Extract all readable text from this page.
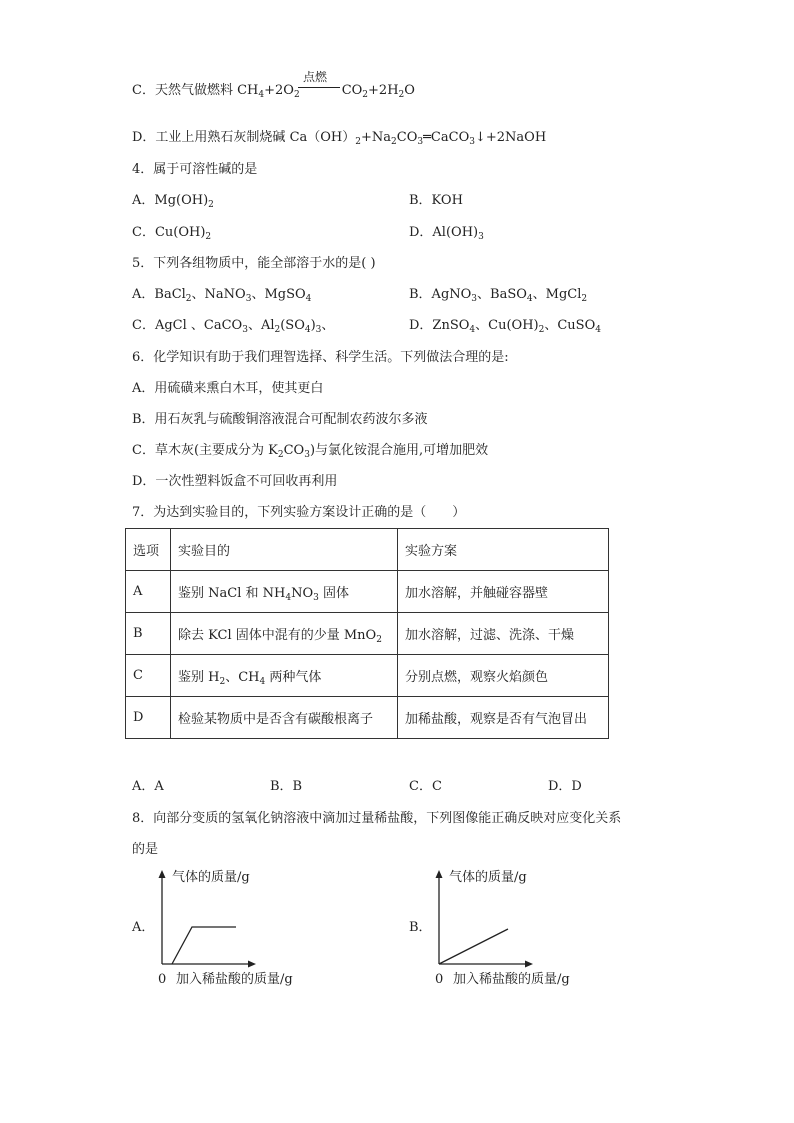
C．天然气做燃料 $CH_4+2O_2$	$CO_2+2H_2O$
点燃
D．工业上用熟石灰制烧碱 $Ca(OH)_2+Na_2CO_3═CaCO_3↓+2NaOH$
4．属于可溶性碱的是
A．$Mg(OH)_2$	B．KOH
C．$Cu(OH)_2$	D．$Al(OH)_3$
5．下列各组物质中，能全部溶于水的是( )
A．BaCl$_2$、NaNO$_3$、MgSO$_4$	B．AgNO$_3$、BaSO$_4$、MgCl$_2$
C．AgCl 、CaCO$_3$、$Al_2(SO_4)_3$、	D．ZnSO$_4$、$Cu(OH)_2$、CuSO$_4$
6．化学知识有助于我们理智选择、科学生活。下列做法合理的是:
A．用硫磺来熏白木耳，使其更白
B．用石灰乳与硫酸铜溶液混合可配制农药波尔多液
C．草木灰(主要成分为 $K_2CO_3$)与氯化铵混合施用,可增加肥效
D．一次性塑料饭盒不可回收再利用
7．为达到实验目的，下列实验方案设计正确的是（　　）
选项	实验目的	实验方案
A	鉴别 NaCl 和 $NH_4NO_3$ 固体	加水溶解，并触碰容器壁
B	除去 KCl 固体中混有的少量 MnO$_2$	加水溶解，过滤、洗涤、干燥
C	鉴别 $H_2$、$CH_4$ 两种气体	分别点燃，观察火焰颜色
D	检验某物质中是否含有碳酸根离子	加稀盐酸，观察是否有气泡冒出
A．A	B．B	C．C	D．D
8．向部分变质的氢氧化钠溶液中滴加过量稀盐酸，下列图像能正确反映对应变化关系
的是
A．
气体的质量/g
0 加入稀盐酸的质量/g
B．
气体的质量/g
0 加入稀盐酸的质量/g
